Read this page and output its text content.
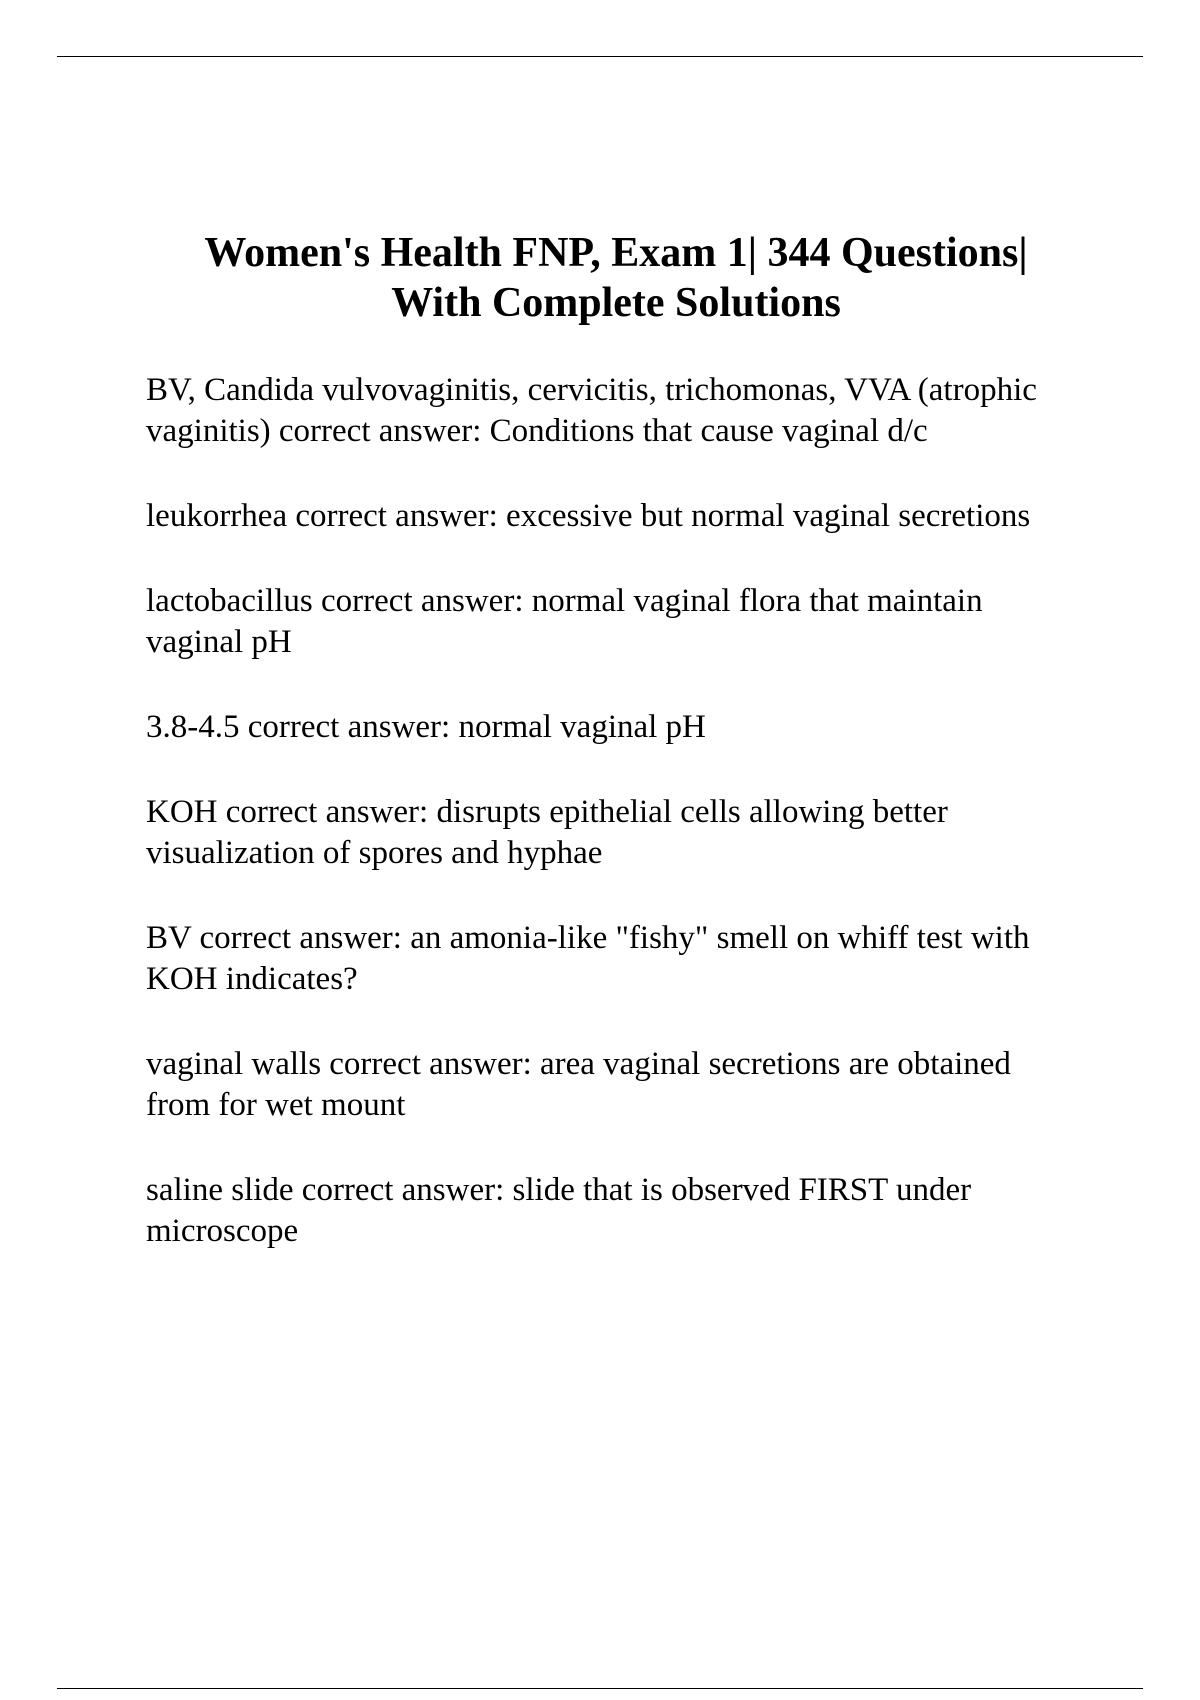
Women's Health FNP, Exam 1| 344 Questions|
With Complete Solutions

BV, Candida vulvovaginitis, cervicitis, trichomonas, VVA (atrophic vaginitis) correct answer: Conditions that cause vaginal d/c

leukorrhea correct answer: excessive but normal vaginal secretions

lactobacillus correct answer: normal vaginal flora that maintain vaginal pH

3.8-4.5 correct answer: normal vaginal pH

KOH correct answer: disrupts epithelial cells allowing better visualization of spores and hyphae

BV correct answer: an amonia-like "fishy" smell on whiff test with KOH indicates?

vaginal walls correct answer: area vaginal secretions are obtained from for wet mount

saline slide correct answer: slide that is observed FIRST under microscope
